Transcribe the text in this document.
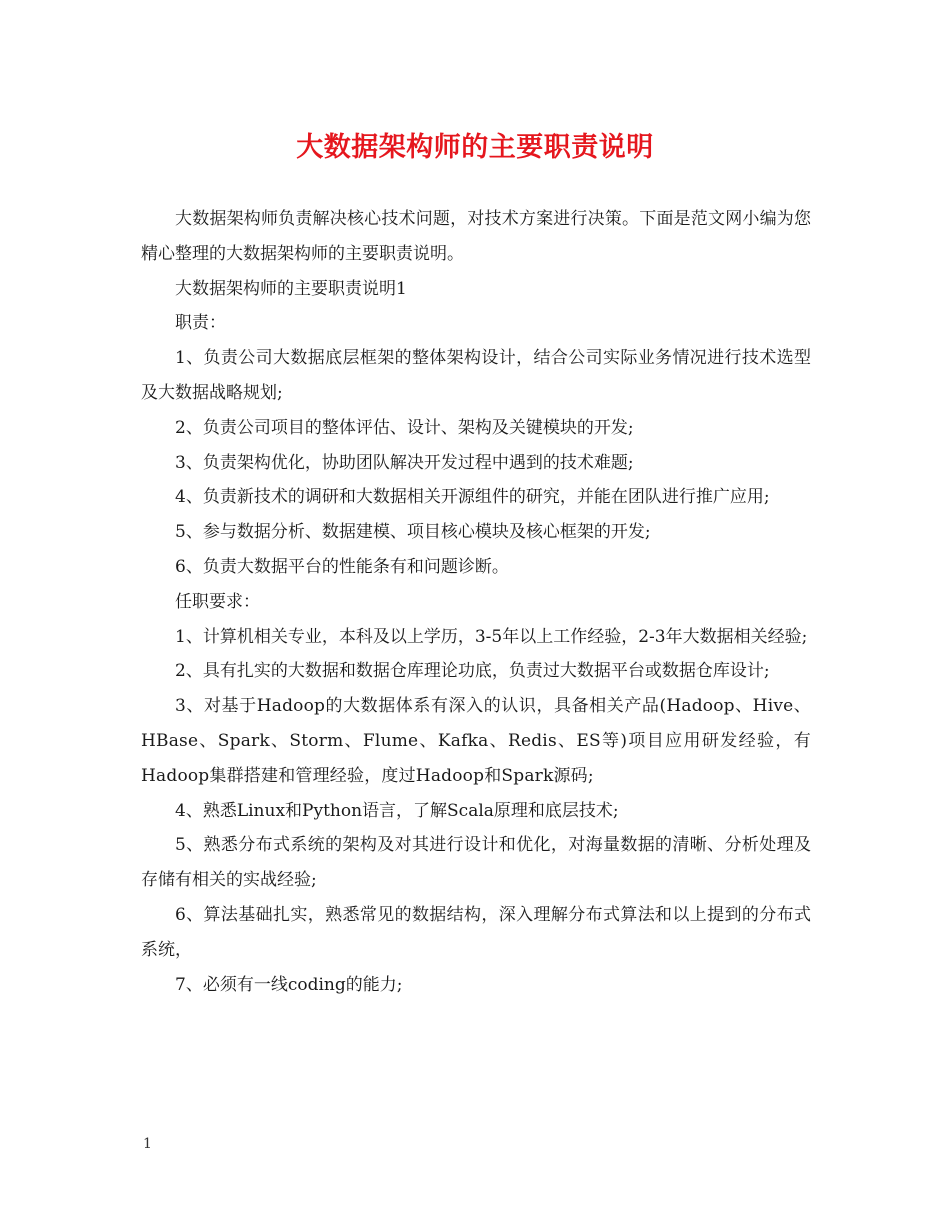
大数据架构师的主要职责说明

大数据架构师负责解决核心技术问题，对技术方案进行决策。下面是范文网小编为您精心整理的大数据架构师的主要职责说明。

大数据架构师的主要职责说明1

职责：

1、负责公司大数据底层框架的整体架构设计，结合公司实际业务情况进行技术选型及大数据战略规划;

2、负责公司项目的整体评估、设计、架构及关键模块的开发;

3、负责架构优化，协助团队解决开发过程中遇到的技术难题;

4、负责新技术的调研和大数据相关开源组件的研究，并能在团队进行推广应用;

5、参与数据分析、数据建模、项目核心模块及核心框架的开发;

6、负责大数据平台的性能条有和问题诊断。

任职要求：

1、计算机相关专业，本科及以上学历，3-5年以上工作经验，2-3年大数据相关经验;

2、具有扎实的大数据和数据仓库理论功底，负责过大数据平台或数据仓库设计;

3、对基于Hadoop的大数据体系有深入的认识，具备相关产品(Hadoop、Hive、HBase、Spark、Storm、Flume、Kafka、Redis、ES等)项目应用研发经验，有Hadoop集群搭建和管理经验，度过Hadoop和Spark源码;

4、熟悉Linux和Python语言，了解Scala原理和底层技术;

5、熟悉分布式系统的架构及对其进行设计和优化，对海量数据的清晰、分析处理及存储有相关的实战经验;

6、算法基础扎实，熟悉常见的数据结构，深入理解分布式算法和以上提到的分布式系统，

7、必须有一线coding的能力;

1
